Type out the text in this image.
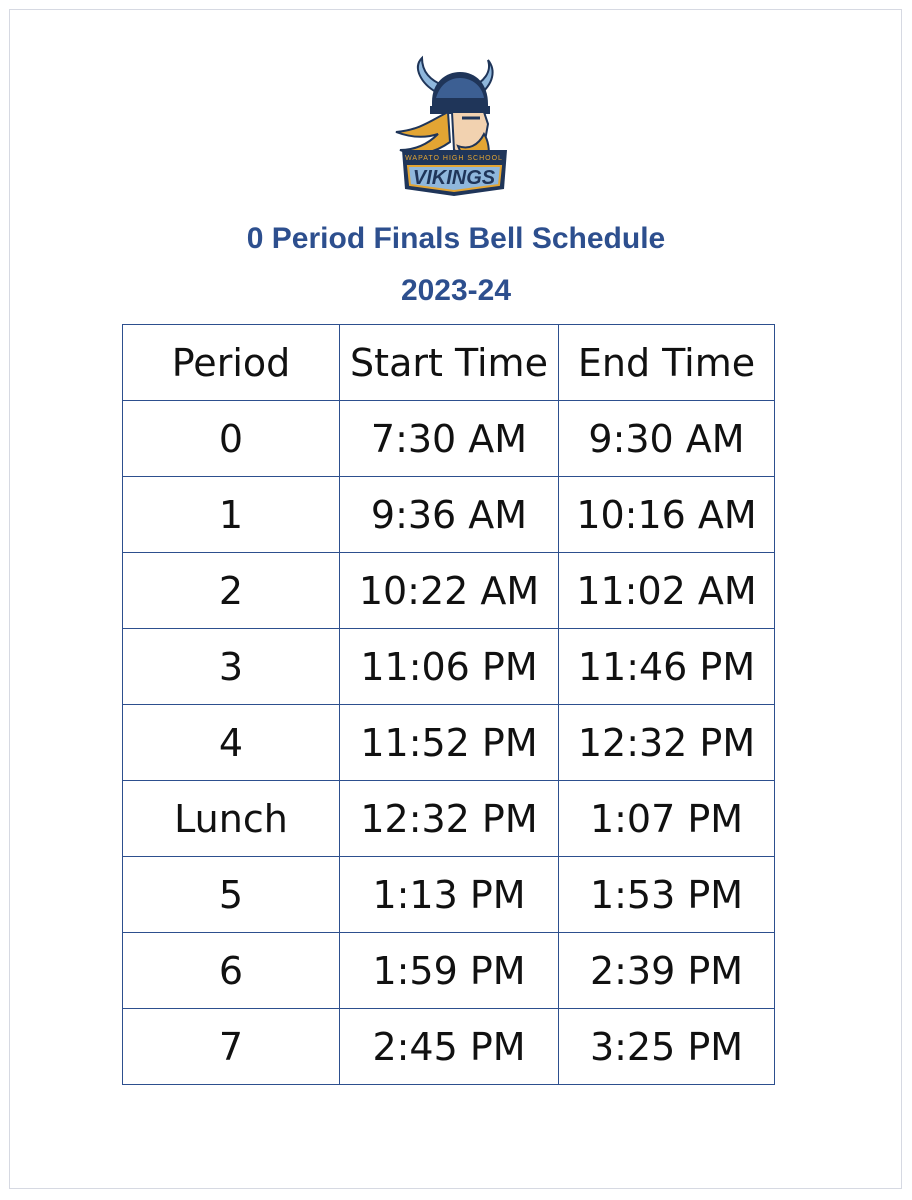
WAPATO HIGH SCHOOL
VIKINGS
0 Period Finals Bell Schedule
2023-24
Period	Start Time	End Time
0	7:30 AM	9:30 AM
1	9:36 AM	10:16 AM
2	10:22 AM	11:02 AM
3	11:06 PM	11:46 PM
4	11:52 PM	12:32 PM
Lunch	12:32 PM	1:07 PM
5	1:13 PM	1:53 PM
6	1:59 PM	2:39 PM
7	2:45 PM	3:25 PM
